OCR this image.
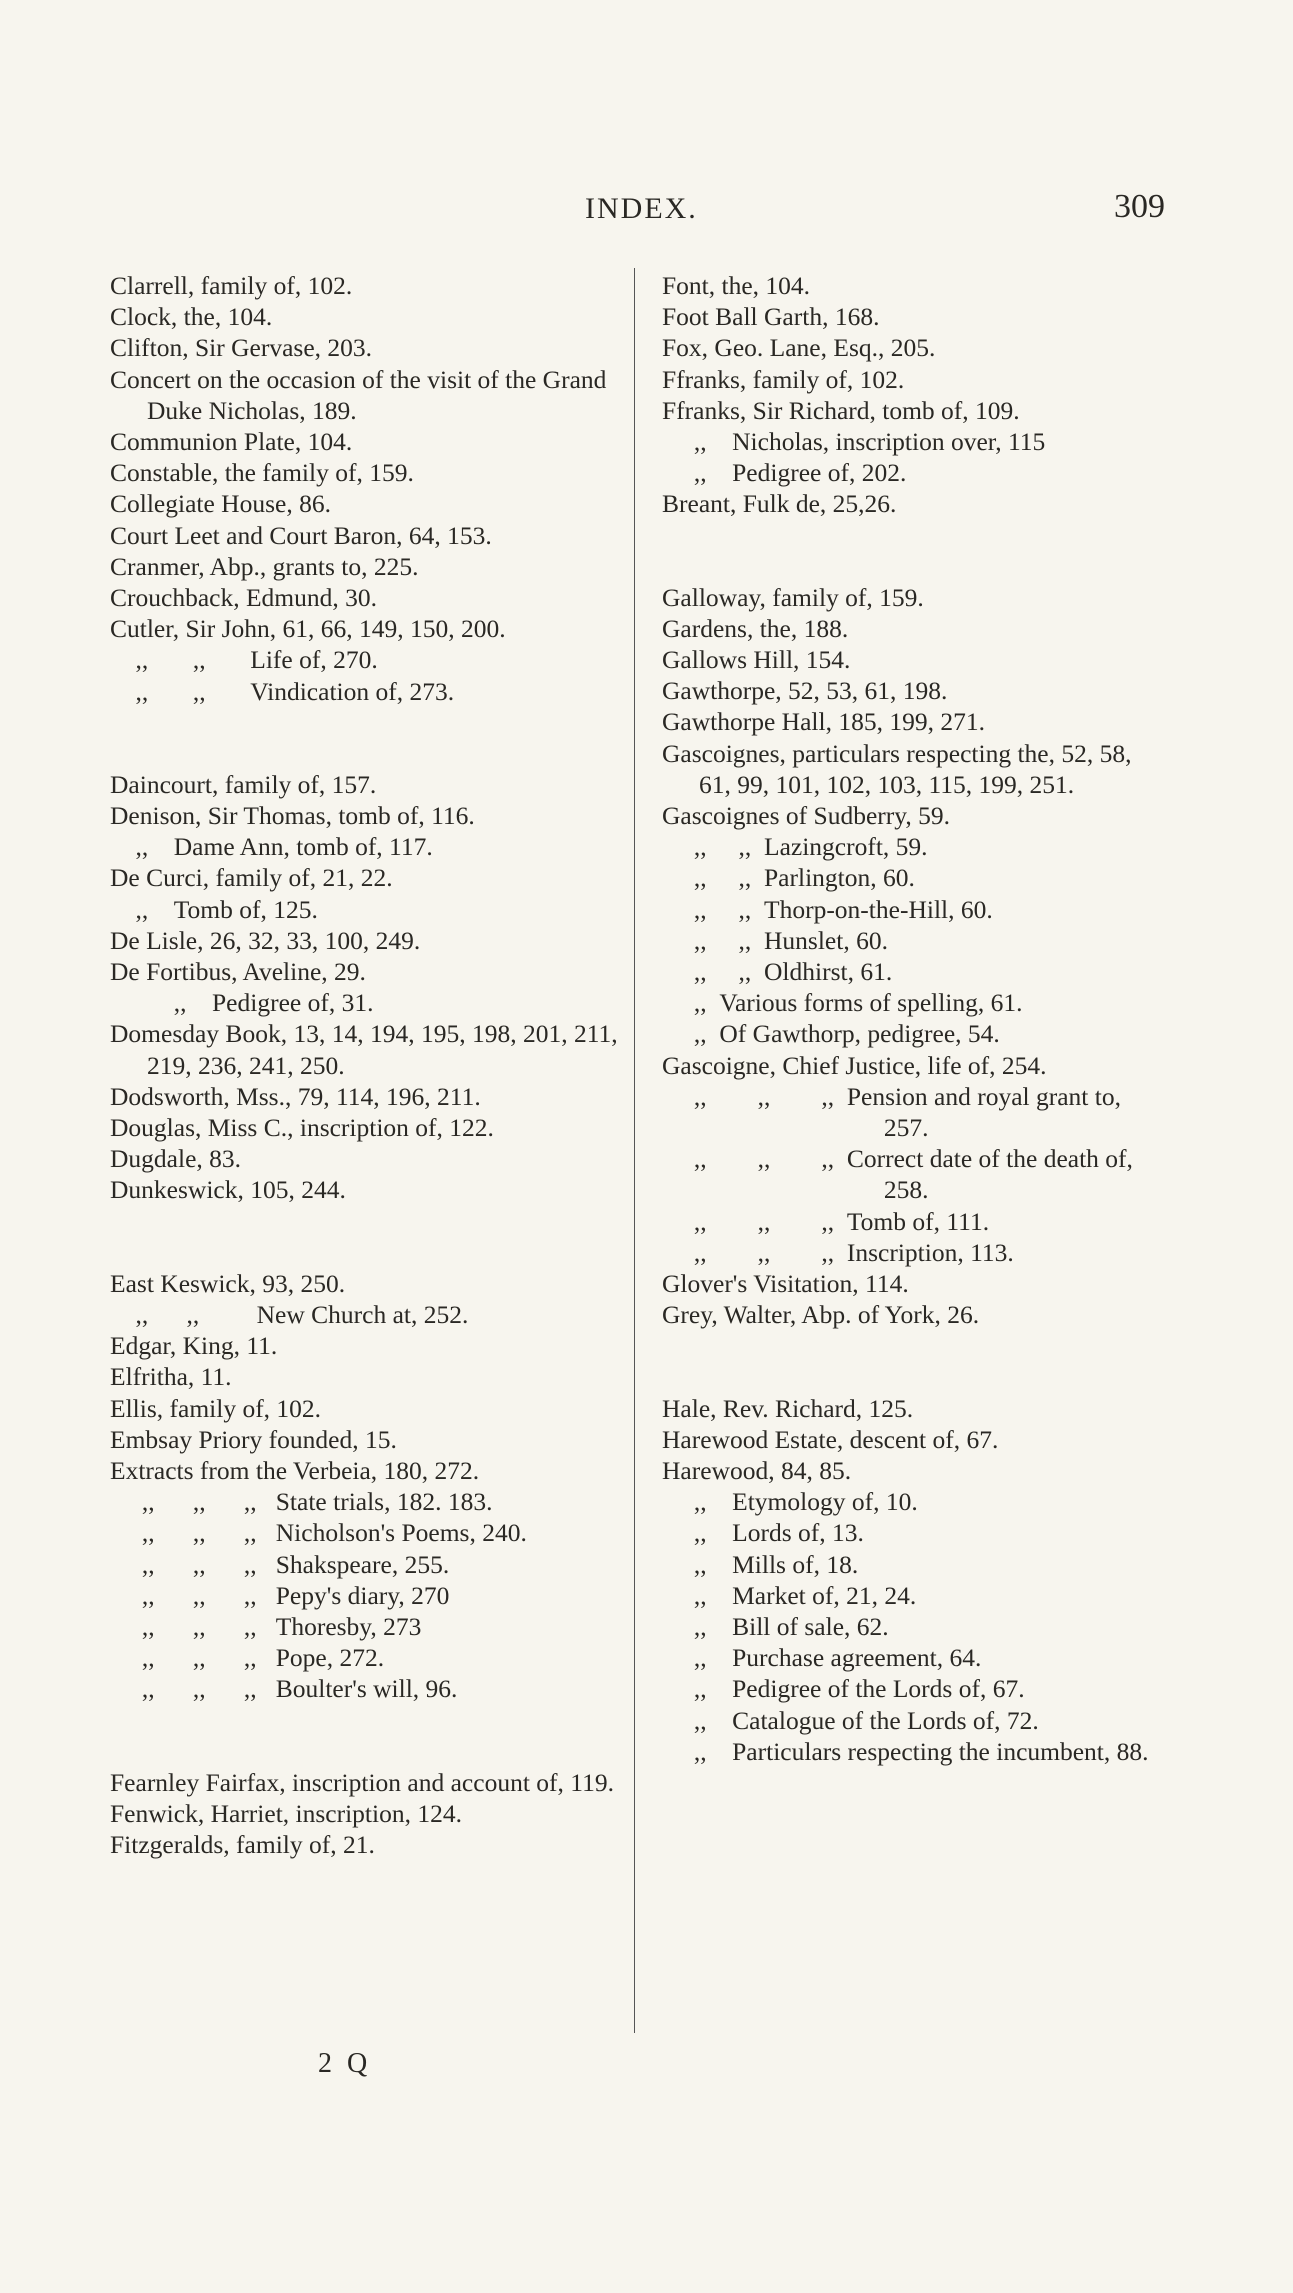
INDEX.	309
Clarrell, family of, 102.
Clock, the, 104.
Clifton, Sir Gervase, 203.
Concert on the occasion of the visit of the Grand Duke Nicholas, 189.
Communion Plate, 104.
Constable, the family of, 159.
Collegiate House, 86.
Court Leet and Court Baron, 64, 153.
Cranmer, Abp., grants to, 225.
Crouchback, Edmund, 30.
Cutler, Sir John, 61, 66, 149, 150, 200.
,,       ,, Life of, 270.
,,       ,, Vindication of, 273.
Daincourt, family of, 157.
Denison, Sir Thomas, tomb of, 116.
,, Dame Ann, tomb of, 117.
De Curci, family of, 21, 22.
,, Tomb of, 125.
De Lisle, 26, 32, 33, 100, 249.
De Fortibus, Aveline, 29.
,, Pedigree of, 31.
Domesday Book, 13, 14, 194, 195, 198, 201, 211, 219, 236, 241, 250.
Dodsworth, Mss., 79, 114, 196, 211.
Douglas, Miss C., inscription of, 122.
Dugdale, 83.
Dunkeswick, 105, 244.
East Keswick, 93, 250.
,,      ,, New Church at, 252.
Edgar, King, 11.
Elfritha, 11.
Ellis, family of, 102.
Embsay Priory founded, 15.
Extracts from the Verbeia, 180, 272.
,,      ,,      ,, State trials, 182. 183.
,,      ,,      ,, Nicholson's Poems, 240.
,,      ,,      ,, Shakspeare, 255.
,,      ,,      ,, Pepy's diary, 270
,,      ,,      ,, Thoresby, 273
,,      ,,      ,, Pope, 272.
,,      ,,      ,, Boulter's will, 96.
Fearnley Fairfax, inscription and account of, 119.
Fenwick, Harriet, inscription, 124.
Fitzgeralds, family of, 21.
Font, the, 104.
Foot Ball Garth, 168.
Fox, Geo. Lane, Esq., 205.
Ffranks, family of, 102.
Ffranks, Sir Richard, tomb of, 109.
,, Nicholas, inscription over, 115
,, Pedigree of, 202.
Breant, Fulk de, 25,26.
Galloway, family of, 159.
Gardens, the, 188.
Gallows Hill, 154.
Gawthorpe, 52, 53, 61, 198.
Gawthorpe Hall, 185, 199, 271.
Gascoignes, particulars respecting the, 52, 58, 61, 99, 101, 102, 103, 115, 199, 251.
Gascoignes of Sudberry, 59.
,,     ,, Lazingcroft, 59.
,,     ,, Parlington, 60.
,,     ,, Thorp-on-the-Hill, 60.
,,     ,, Hunslet, 60.
,,     ,, Oldhirst, 61.
,, Various forms of spelling, 61.
,, Of Gawthorp, pedigree, 54.
Gascoigne, Chief Justice, life of, 254.
,,        ,,        ,, Pension and royal grant to, 257.
,,        ,,        ,, Correct date of the death of, 258.
,,        ,,        ,, Tomb of, 111.
,,        ,,        ,, Inscription, 113.
Glover's Visitation, 114.
Grey, Walter, Abp. of York, 26.
Hale, Rev. Richard, 125.
Harewood Estate, descent of, 67.
Harewood, 84, 85.
,, Etymology of, 10.
,, Lords of, 13.
,, Mills of, 18.
,, Market of, 21, 24.
,, Bill of sale, 62.
,, Purchase agreement, 64.
,, Pedigree of the Lords of, 67.
,, Catalogue of the Lords of, 72.
,, Particulars respecting the incumbent, 88.
2 Q
